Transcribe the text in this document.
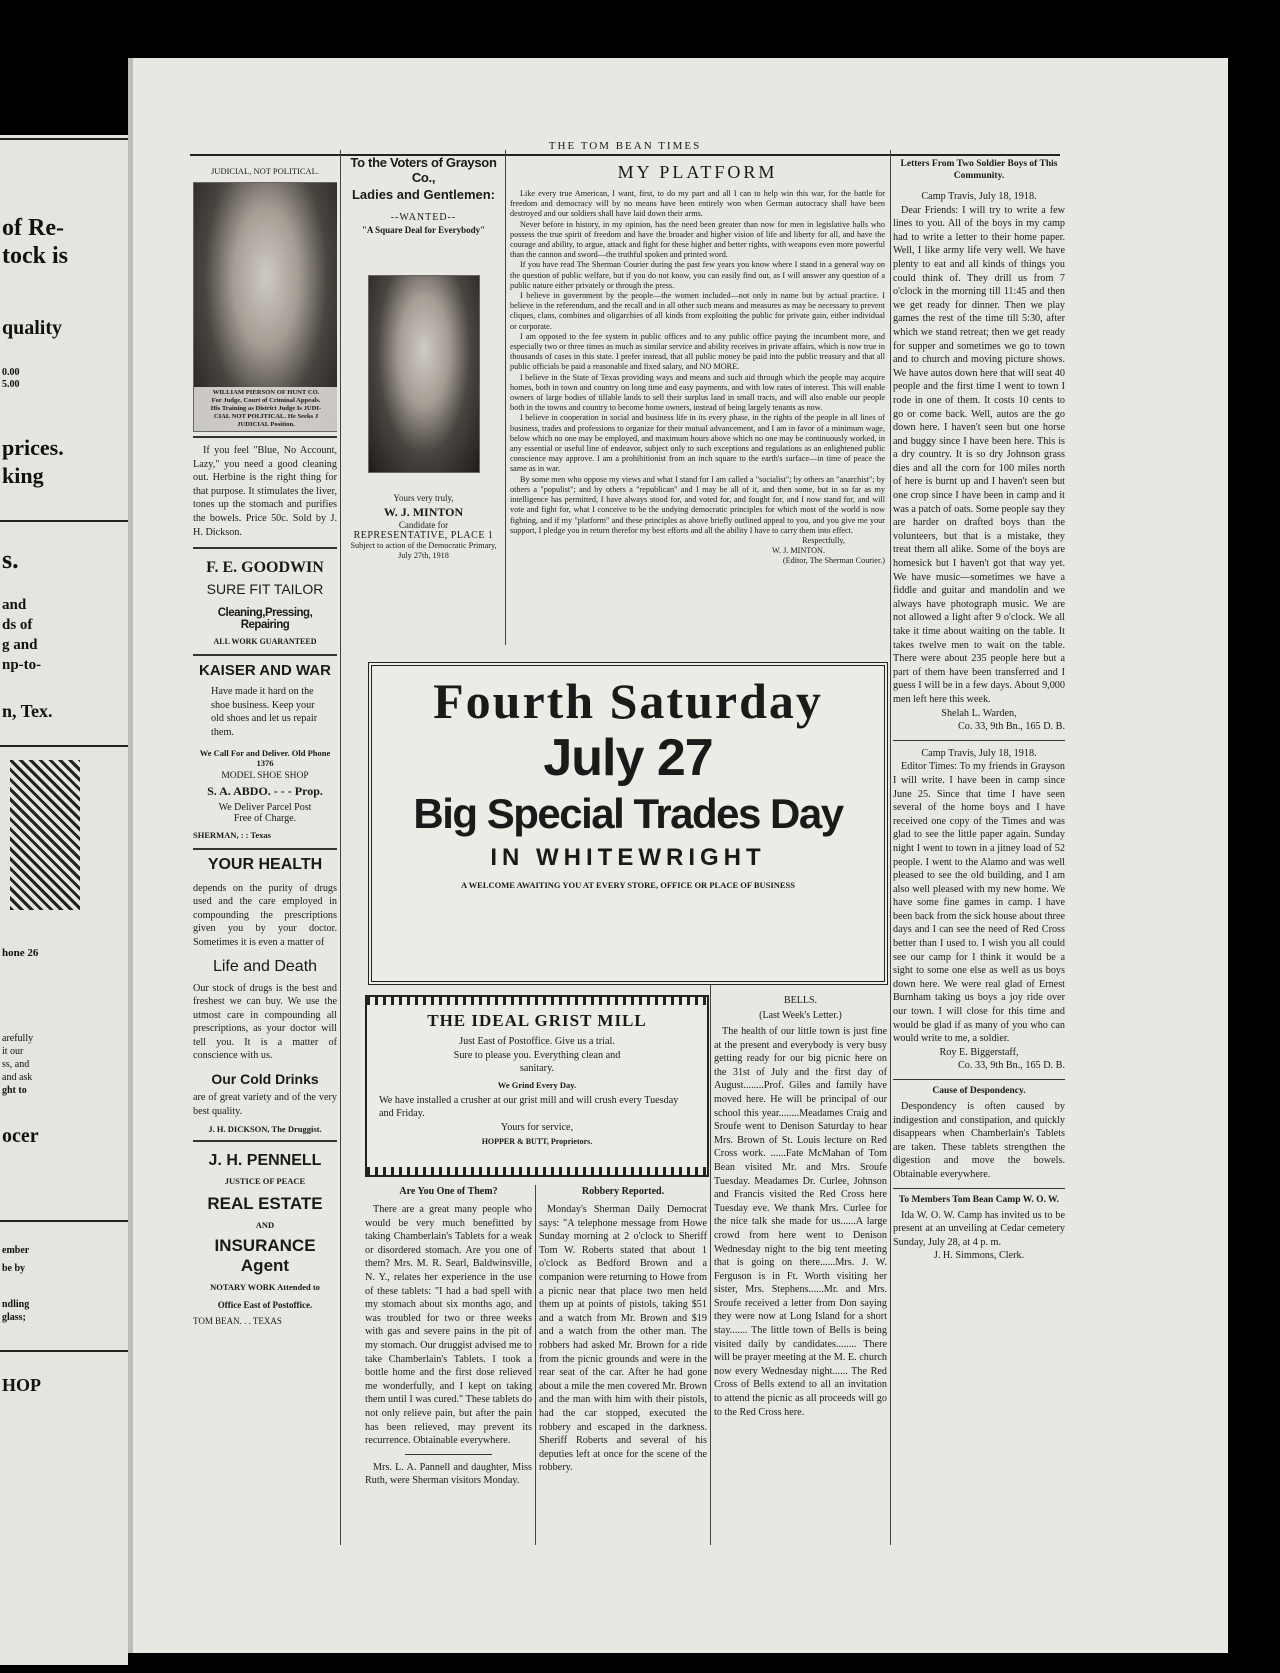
of Re-
tock is
quality
0.00
5.00
prices.
king
s.
and
ds of
g and
np-to-
n, Tex.
hone 26
arefully
it our
ss, and
and ask
ght to
ocer
ember
be by
ndling
glass;
HOP
THE TOM BEAN TIMES
JUDICIAL, NOT POLITICAL.
WILLIAM PIERSON OF HUNT CO.
For Judge, Court of Criminal Appeals.
His Training as District Judge Is JUDI-
CIAL NOT POLITICAL. He Seeks J
JUDICIAL Position.

If you feel "Blue, No Account, Lazy," you need a good cleaning out. Herbine is the right thing for that purpose. It stimulates the liver, tones up the stomach and purifies the bowels. Price 50c. Sold by J. H. Dickson.

F. E. GOODWIN
SURE FIT TAILOR
Cleaning,Pressing, Repairing
ALL WORK GUARANTEED
KAISER AND WAR

Have made it hard on the shoe business. Keep your old shoes and let us repair them.

We Call For and Deliver. Old Phone 1376
MODEL SHOE SHOP
S. A. ABDO. - - - Prop.
We Deliver Parcel Post
Free of Charge.
SHERMAN, : : Texas
YOUR HEALTH

depends on the purity of drugs used and the care employed in compounding the prescriptions given you by your doctor. Sometimes it is even a matter of

Life and Death

Our stock of drugs is the best and freshest we can buy. We use the utmost care in compounding all prescriptions, as your doctor will tell you. It is a matter of conscience with us.

Our Cold Drinks

are of great variety and of the very best quality.

J. H. DICKSON, The Druggist.
J. H. PENNELL
JUSTICE OF PEACE
REAL ESTATE
AND
INSURANCE Agent
NOTARY WORK Attended to
Office East of Postoffice.
TOM BEAN. . . TEXAS
To the Voters of Grayson Co.,
Ladies and Gentlemen:
--WANTED--
"A Square Deal for Everybody"
Yours very truly,
W. J. MINTON
Candidate for
REPRESENTATIVE, PLACE 1

Subject to action of the Democratic Primary, July 27th, 1918

MY PLATFORM

Like every true American, I want, first, to do my part and all I can to help win this war, for the battle for freedom and democracy will by no means have been entirely won when German autocracy shall have been destroyed and our soldiers shall have laid down their arms.

Never before in history, in my opinion, has the need been greater than now for men in legislative halls who possess the true spirit of freedom and have the broader and higher vision of life and liberty for all, and have the courage and ability, to argue, attack and fight for these higher and better rights, with weapons even more powerful than the cannon and sword—the truthful spoken and printed word.

If you have read The Sherman Courier during the past few years you know where I stand in a general way on the question of public welfare, but if you do not know, you can easily find out, as I will answer any question of a public nature either privately or through the press.

I believe in government by the people—the women included—not only in name but by actual practice. I believe in the referendum, and the recall and in all other such means and measures as may be necessary to prevent cliques, clans, combines and oligarchies of all kinds from exploiting the public for private gain, either individual or corporate.

I am opposed to the fee system in public offices and to any public office paying the incumbent more, and especially two or three times as much as similar service and ability receives in private affairs, which is now true in thousands of cases in this state. I prefer instead, that all public money be paid into the public treasury and that all public officials be paid a reasonable and fixed salary, and NO MORE.

I believe in the State of Texas providing ways and means and such aid through which the people may acquire homes, both in town and country on long time and easy payments, and with low rates of interest. This will enable owners of large bodies of tillable lands to sell their surplus land in small tracts, and will also enable our people both in the towns and country to become home owners, instead of being largely tenants as now.

I believe in cooperation in social and business life in its every phase, in the rights of the people in all lines of business, trades and professions to organize for their mutual advancement, and I am in favor of a minimum wage, below which no one may be employed, and maximum hours above which no one may be continuously worked, in any essential or useful line of endeavor, subject only to such exceptions and regulations as an enlightened public conscience may approve. I am a prohibitionist from an inch square to the earth's surface—in time of peace the same as in war.

By some men who oppose my views and what I stand for I am called a "socialist"; by others an "anarchist"; by others a "populist"; and by others a "republican" and I may be all of it, and then some, but in so far as my intelligence has permitted, I have always stood for, and voted for, and fought for, and I now stand for, and will vote and fight for, what I conceive to be the undying democratic principles for which most of the world is now fighting, and if my "platform" and these principles as above briefly outlined appeal to you, and you give me your support, I pledge you in return therefor my best efforts and all the ability I have to carry them into effect.

Respectfully,
W. J. MINTON.
(Editor, The Sherman Courier.)
Fourth Saturday
July 27
Big Special Trades Day
IN WHITEWRIGHT
A WELCOME AWAITING YOU AT EVERY STORE, OFFICE OR PLACE OF BUSINESS
THE IDEAL GRIST MILL
Just East of Postoffice. Give us a trial.
Sure to please you. Everything clean and
sanitary.
We Grind Every Day.
We have installed a crusher at our grist mill and will crush every Tuesday and Friday.
Yours for service,
HOPPER & BUTT, Proprietors.
Are You One of Them?

There are a great many people who would be very much benefitted by taking Chamberlain's Tablets for a weak or disordered stomach. Are you one of them? Mrs. M. R. Searl, Baldwinsville, N. Y., relates her experience in the use of these tablets: "I had a bad spell with my stomach about six months ago, and was troubled for two or three weeks with gas and severe pains in the pit of my stomach. Our druggist advised me to take Chamberlain's Tablets. I took a bottle home and the first dose relieved me wonderfully, and I kept on taking them until I was cured." These tablets do not only relieve pain, but after the pain has been relieved, may prevent its recurrence. Obtainable everywhere.

Mrs. L. A. Pannell and daughter, Miss Ruth, were Sherman visitors Monday.

Robbery Reported.

Monday's Sherman Daily Democrat says: "A telephone message from Howe Sunday morning at 2 o'clock to Sheriff Tom W. Roberts stated that about 1 o'clock as Bedford Brown and a companion were returning to Howe from a picnic near that place two men held them up at points of pistols, taking $51 and a watch from Mr. Brown and $19 and a watch from the other man. The robbers had asked Mr. Brown for a ride from the picnic grounds and were in the rear seat of the car. After he had gone about a mile the men covered Mr. Brown and the man with him with their pistols, had the car stopped, executed the robbery and escaped in the darkness. Sheriff Roberts and several of his deputies left at once for the scene of the robbery.

BELLS.
(Last Week's Letter.)

The health of our little town is just fine at the present and everybody is very busy getting ready for our big picnic here on the 31st of July and the first day of August........Prof. Giles and family have moved here. He will be principal of our school this year........Meadames Craig and Sroufe went to Denison Saturday to hear Mrs. Brown of St. Louis lecture on Red Cross work. ......Fate McMahan of Tom Bean visited Mr. and Mrs. Sroufe Tuesday. Meadames Dr. Curlee, Johnson and Francis visited the Red Cross here Tuesday eve. We thank Mrs. Curlee for the nice talk she made for us......A large crowd from here went to Denison Wednesday night to the big tent meeting that is going on there......Mrs. J. W. Ferguson is in Ft. Worth visiting her sister, Mrs. Stephens......Mr. and Mrs. Sroufe received a letter from Don saying they were now at Long Island for a short stay....... The little town of Bells is being visited daily by candidates........ There will be prayer meeting at the M. E. church now every Wednesday night...... The Red Cross of Bells extend to all an invitation to attend the picnic as all proceeds will go to the Red Cross here.

Letters From Two Soldier Boys of This Community.
Camp Travis, July 18, 1918.

Dear Friends: I will try to write a few lines to you. All of the boys in my camp had to write a letter to their home paper. Well, I like army life very well. We have plenty to eat and all kinds of things you could think of. They drill us from 7 o'clock in the morning till 11:45 and then we get ready for dinner. Then we play games the rest of the time till 5:30, after which we stand retreat; then we get ready for supper and sometimes we go to town and to church and moving picture shows. We have autos down here that will seat 40 people and the first time I went to town I rode in one of them. It costs 10 cents to go or come back. Well, autos are the go down here. I haven't seen but one horse and buggy since I have been here. This is a dry country. It is so dry Johnson grass dies and all the corn for 100 miles north of here is burnt up and I haven't seen but one crop since I have been in camp and it was a patch of oats. Some people say they are harder on drafted boys than the volunteers, but that is a mistake, they treat them all alike. Some of the boys are homesick but I haven't got that way yet. We have music—sometimes we have a fiddle and guitar and mandolin and we always have photograph music. We are not allowed a light after 9 o'clock. We all take it time about waiting on the table. It takes twelve men to wait on the table. There were about 235 people here but a part of them have been transferred and I guess I will be in a few days. About 9,000 men left here this week.

Shelah L. Warden,
Co. 33, 9th Bn., 165 D. B.
Camp Travis, July 18, 1918.

Editor Times: To my friends in Grayson I will write. I have been in camp since June 25. Since that time I have seen several of the home boys and I have received one copy of the Times and was glad to see the little paper again. Sunday night I went to town in a jitney load of 52 people. I went to the Alamo and was well pleased to see the old building, and I am also well pleased with my new home. We have some fine games in camp. I have been back from the sick house about three days and I can see the need of Red Cross better than I used to. I wish you all could see our camp for I think it would be a sight to some one else as well as us boys down here. We were real glad of Ernest Burnham taking us boys a joy ride over our town. I will close for this time and would be glad if as many of you who can would write to me, a soldier.

Roy E. Biggerstaff,
Co. 33, 9th Bn., 165 D. B.
Cause of Despondency.

Despondency is often caused by indigestion and constipation, and quickly disappears when Chamberlain's Tablets are taken. These tablets strengthen the digestion and move the bowels. Obtainable everywhere.

To Members Tom Bean Camp W. O. W.

Ida W. O. W. Camp has invited us to be present at an unveiling at Cedar cemetery Sunday, July 28, at 4 p. m.

J. H. Simmons, Clerk.
